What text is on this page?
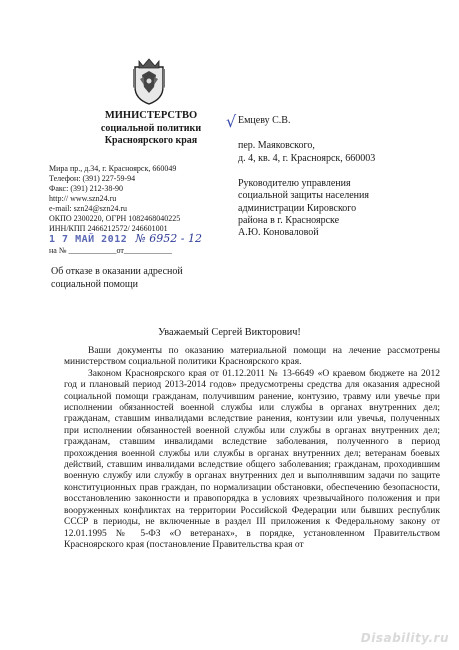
МИНИСТЕРСТВО
социальной политики
Красноярского края
Мира пр., д.34, г. Красноярск, 660049
Телефон: (391) 227-59-94
Факс: (391) 212-38-90
http:// www.szn24.ru
e-mail: szn24@szn24.ru
ОКПО 2300220, ОГРН 1082468040225
ИНН/КПП 2466212572/ 246601001
1 7 МАЙ 2012 № 6952 - 12
на № ____________от____________
Об отказе в оказании адресной
социальной помощи
√ Емцеву С.В.
пер. Маяковского,
д. 4, кв. 4, г. Красноярск, 660003
Руководителю управления
социальной защиты населения
администрации Кировского
района в г. Красноярске
А.Ю. Коноваловой
Уважаемый Сергей Викторович!

Ваши документы по оказанию материальной помощи на лечение рассмотрены министерством социальной политики Красноярского края.

Законом Красноярского края от 01.12.2011 № 13-6649 «О краевом бюджете на 2012 год и плановый период 2013-2014 годов» предусмотрены средства для оказания адресной социальной помощи гражданам, получившим ранение, контузию, травму или увечье при исполнении обязанностей военной службы или службы в органах внутренних дел; гражданам, ставшим инвалидами вследствие ранения, контузии или увечья, полученных при исполнении обязанностей военной службы или службы в органах внутренних дел; гражданам, ставшим инвалидами вследствие заболевания, полученного в период прохождения военной службы или службы в органах внутренних дел; ветеранам боевых действий, ставшим инвалидами вследствие общего заболевания; гражданам, проходившим военную службу или службу в органах внутренних дел и выполнявшим задачи по защите конституционных прав граждан, по нормализации обстановки, обеспечению безопасности, восстановлению законности и правопорядка в условиях чрезвычайного положения и при вооруженных конфликтах на территории Российской Федерации или бывших республик СССР в периоды, не включенные в раздел III приложения к Федеральному закону от 12.01.1995 № 5-ФЗ «О ветеранах», в порядке, установленном Правительством Красноярского края (постановление Правительства края от

Disability.ru
